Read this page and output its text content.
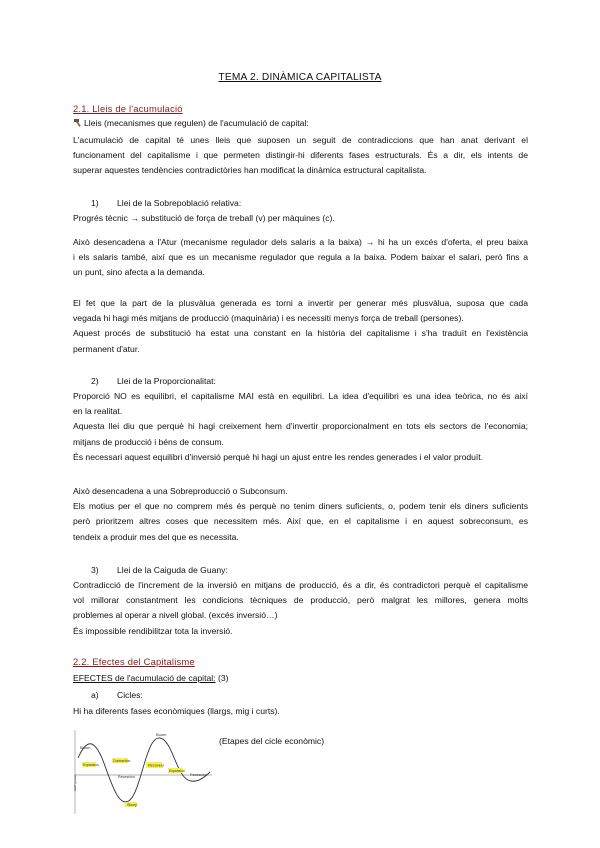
TEMA 2. DINÀMICA CAPITALISTA
2.1. Lleis de l'acumulació
Lleis (mecanismes que regulen) de l'acumulació de capital:
L'acumulació de capital té unes lleis que suposen un seguit de contradiccions que han anat derivant el
funcionament del capitalisme i que permeten distingir-hi diferents fases estructurals. És a dir, els intents de
superar aquestes tendències contradictòries han modificat la dinàmica estructural capitalista.
1) Llei de la Sobrepoblació relativa:
Progrés tècnic → substitució de força de treball (v) per màquines (c).
Això desencadena a l'Atur (mecanisme regulador dels salaris a la baixa) → hi ha un excés d'oferta, el preu baixa
i els salaris també, així que es un mecanisme regulador que regula a la baixa. Podem baixar el salari, però fins a
un punt, sino afecta a la demanda.
El fet que la part de la plusvàlua generada es torni a invertir per generar més plusvàlua, suposa que cada
vegada hi hagi més mitjans de producció (maquinària) i es necessiti menys força de treball (persones).
Aquest procés de substitució ha estat una constant en la història del capitalisme i s'ha traduït en l'existència
permanent d'atur.
2) Llei de la Proporcionalitat:
Proporció NO es equilibri, el capitalisme MAI està en equilibri. La idea d'equilibri es una idea teòrica, no és així
en la realitat.
Aquesta llei diu que perquè hi hagi creixement hem d'invertir proporcionalment en tots els sectors de l'economia;
mitjans de producció i béns de consum.
És necessari aquest equilibri d'inversió perquè hi hagi un ajust entre les rendes generades i el valor produït.
Això desencadena a una Sobreproducció o Subconsum.
Els motius per el que no comprem més és perquè no tenim diners suficients, o, podem tenir els diners suficients
però prioritzem altres coses que necessitem més. Així que, en el capitalisme i en aquest sobreconsum, es
tendeix a produir mes del que es necessita.
3) Llei de la Caiguda de Guany:
Contradicció de l'increment de la inversió en mitjans de producció, és a dir, és contradictori perquè el capitalisme
vol millorar constantment les condicions tècniques de producció, però malgrat les millores, genera molts
problemes al operar a nivell global. (excés inversió…)
És impossible rendibilitzar tota la inversió.
2.2. Efectes del Capitalisme
EFECTES de l'acumulació de capital: (3)
a) Cicles:
Hi ha diferents fases econòmiques (llargs, mig i curts).
Boom
Boom
GDP growth
Expansion
Contraction
Recession
Recovery
Expansion
Recession
Slump
(Etapes del cicle econòmic)
